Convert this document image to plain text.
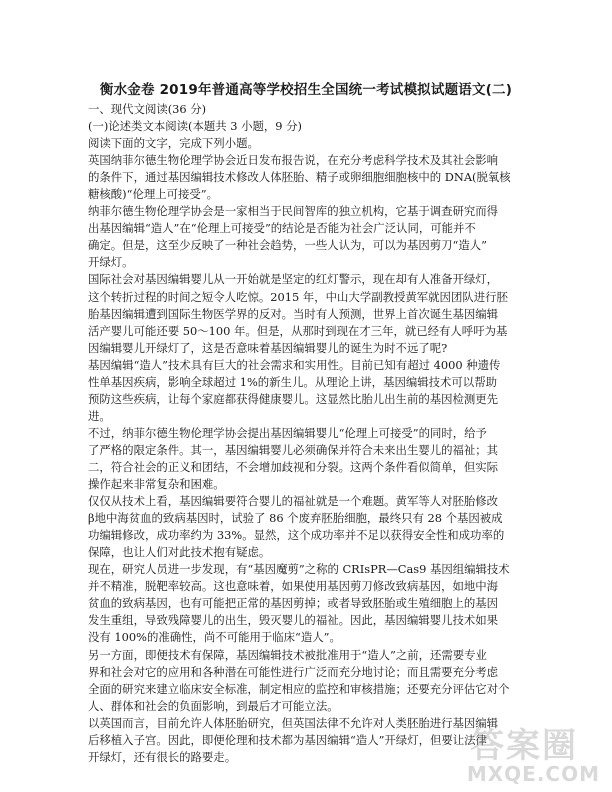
衡水金卷 2019年普通高等学校招生全国统一考试模拟试题语文(二)
一、现代文阅读(36 分)
(一)论述类文本阅读(本题共 3 小题，9 分)
阅读下面的文字，完成下列小题。
英国纳菲尔德生物伦理学协会近日发布报告说，在充分考虑科学技术及其社会影响
的条件下，通过基因编辑技术修改人体胚胎、精子或卵细胞细胞核中的 DNA(脱氧核
糖核酸)“伦理上可接受”。
纳菲尔德生物伦理学协会是一家相当于民间智库的独立机构，它基于调查研究而得
出基因编辑“造人”在“伦理上可接受”的结论是否能为社会广泛认同，可能并不
确定。但是，这至少反映了一种社会趋势，一些人认为，可以为基因剪刀“造人”
开绿灯。
国际社会对基因编辑婴儿从一开始就是坚定的红灯警示，现在却有人准备开绿灯，
这个转折过程的时间之短令人吃惊。2015 年，中山大学副教授黄军就因团队进行胚
胎基因编辑遭到国际生物医学界的反对。当时有人预测，世界上首次诞生基因编辑
活产婴儿可能还要 50～100 年。但是，从那时到现在才三年，就已经有人呼吁为基
因编辑婴儿开绿灯了，这是否意味着基因编辑婴儿的诞生为时不远了呢?
基因编辑“造人”技术具有巨大的社会需求和实用性。目前已知有超过 4000 种遗传
性单基因疾病，影响全球超过 1%的新生儿。从理论上讲，基因编辑技术可以帮助
预防这些疾病，让每个家庭都获得健康婴儿。这显然比胎儿出生前的基因检测更先
进。
不过，纳菲尔德生物伦理学协会提出基因编辑婴儿“伦理上可接受”的同时，给予
了严格的限定条件。其一，基因编辑婴儿必须确保并符合未来出生婴儿的福祉；其
二，符合社会的正义和团结，不会增加歧视和分裂。这两个条件看似简单，但实际
操作起来非常复杂和困难。
仅仅从技术上看，基因编辑要符合婴儿的福祉就是一个难题。黄军等人对胚胎修改
β地中海贫血的致病基因时，试验了 86 个废弃胚胎细胞，最终只有 28 个基因被成
功编辑修改，成功率约为 33%。显然，这个成功率并不足以获得安全性和成功率的
保障，也让人们对此技术抱有疑虑。
现在，研究人员进一步发现，有“基因魔剪”之称的 CRIsPR—Cas9 基因组编辑技术
并不精准，脱靶率较高。这也意味着，如果使用基因剪刀修改致病基因，如地中海
贫血的致病基因，也有可能把正常的基因剪掉；或者导致胚胎或生殖细胞上的基因
发生重组，导致残障婴儿的出生，毁灭婴儿的福祉。因此，基因编辑婴儿技术如果
没有 100%的准确性，尚不可能用于临床“造人”。
另一方面，即便技术有保障，基因编辑技术被批准用于“造人”之前，还需要专业
界和社会对它的应用和各种潜在可能性进行广泛而充分地讨论；而且需要充分考虑
全面的研究来建立临床安全标准，制定相应的监控和审核措施；还要充分评估它对个
人、群体和社会的负面影响，到最后才可能立法。
以英国而言，目前允许人体胚胎研究，但英国法律不允许对人类胚胎进行基因编辑
后移植入子宫。因此，即便伦理和技术都为基因编辑“造人”开绿灯，但要让法律
开绿灯，还有很长的路要走。	答案圈
MXQE.COM
